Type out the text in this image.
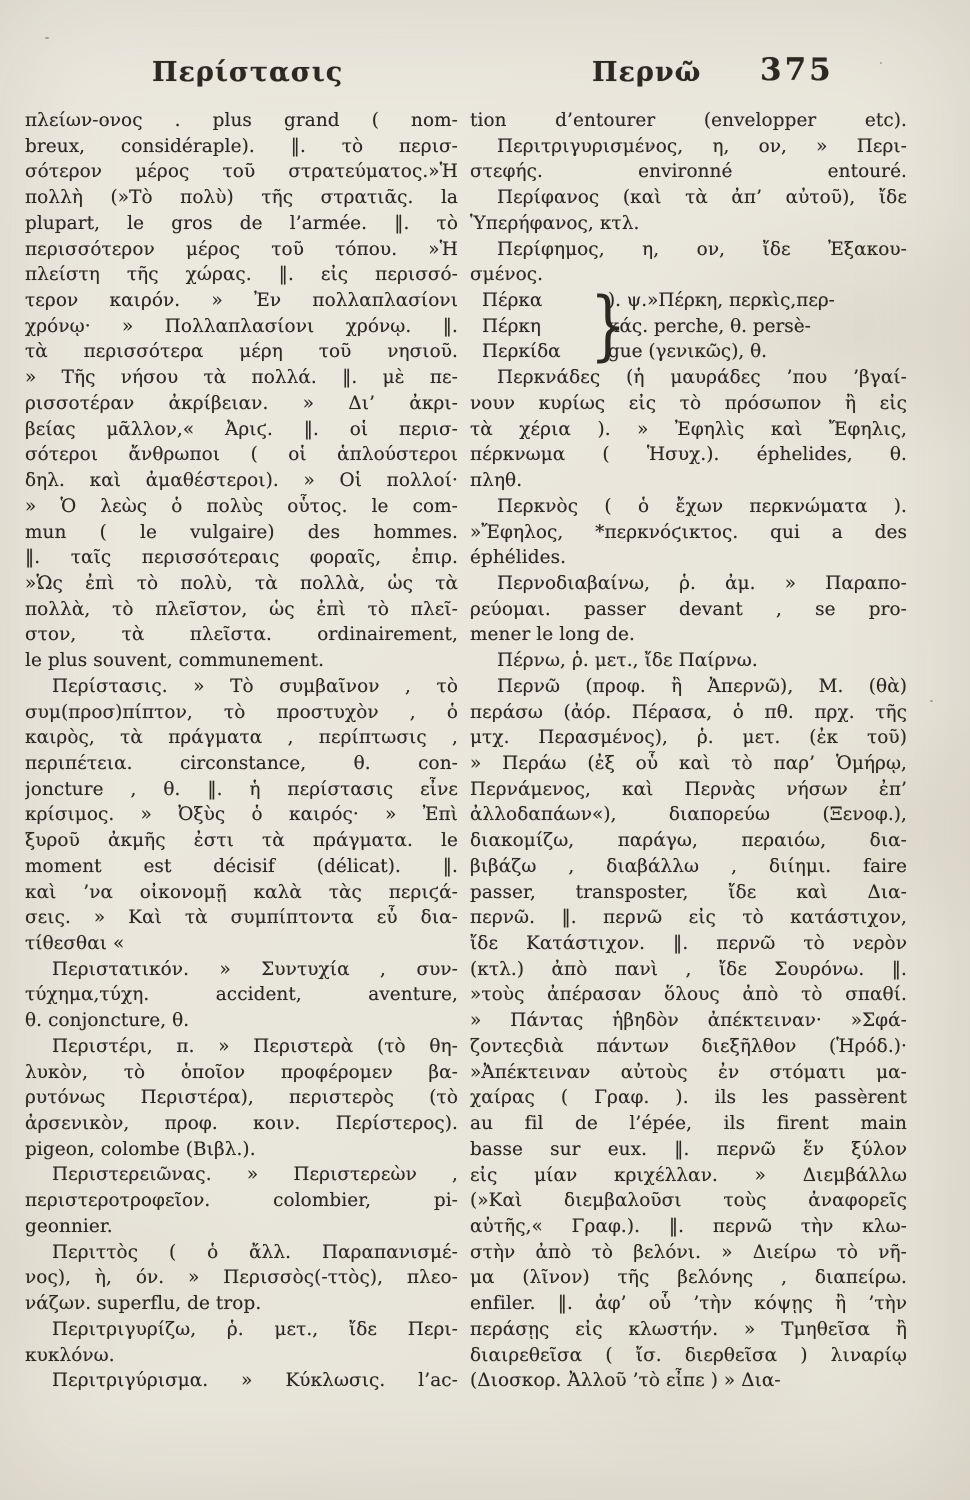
Περίστασις	Περνῶ 375
πλείων-ονος . plus grand ( nom-
breux, considéraple). ‖. τὸ περισ-
σότερον μέρος τοῦ στρατεύματος.»Ἡ
πολλὴ (»Τὸ πολὺ) τῆς στρατιᾶς. la
plupart, le gros de l’armée. ‖. τὸ
περισσότερον μέρος τοῦ τόπου. »Ἡ
πλείστη τῆς χώρας. ‖. εἰς περισσό-
τερον καιρόν. » Ἐν πολλαπλασίονι
χρόνῳ· » Πολλαπλασίονι χρόνῳ. ‖.
τὰ περισσότερα μέρη τοῦ νησιοῦ.
» Τῆς νήσου τὰ πολλά. ‖. μὲ πε-
ρισσοτέραν ἀκρίβειαν. » Δι’ ἀκρι-
βείας μᾶλλον,« Ἀριϛ. ‖. οἱ περισ-
σότεροι ἄνθρωποι ( οἱ ἁπλούστεροι
δηλ. καὶ ἀμαθέστεροι). » Οἱ πολλοί·
» Ὁ λεὼς ὁ πολὺς οὗτος. le com-
mun ( le vulgaire) des hommes.
‖. ταῖς περισσότεραις φοραῖς, ἐπιρ.
»Ὡς ἐπὶ τὸ πολὺ, τὰ πολλὰ, ὡς τὰ
πολλὰ, τὸ πλεῖστον, ὡς ἐπὶ τὸ πλεῖ-
στον, τὰ πλεῖστα. ordinairement,
le plus souvent, communement.
Περίστασις. » Τὸ συμβαῖνον , τὸ
συμ(προσ)πίπτον, τὸ προστυχὸν , ὁ
καιρὸς, τὰ πράγματα , περίπτωσις ,
περιπέτεια. circonstance, θ. con-
joncture , θ. ‖. ἡ περίστασις εἶνε
κρίσιμος. » Ὀξὺς ὁ καιρός· » Ἐπὶ
ξυροῦ ἀκμῆς ἐστι τὰ πράγματα. le
moment est décisif (délicat). ‖.
καὶ ’να οἰκονομῇ καλὰ τὰς περιϛά-
σεις. » Καὶ τὰ συμπίπτοντα εὖ δια-
τίθεσθαι «
Περιστατικόν. » Συντυχία , συν-
τύχημα,τύχη. accident, aventure,
θ. conjoncture, θ.
Περιστέρι, π. » Περιστερὰ (τὸ θη-
λυκὸν, τὸ ὁποῖον προφέρομεν βα-
ρυτόνως Περιστέρα), περιστερὸς (τὸ
ἀρσενικὸν, προφ. κοιν. Περίστερος).
pigeon, colombe (Βιβλ.).
Περιστερειῶνας. » Περιστερεὼν ,
περιστεροτροφεῖον. colombier, pi-
geonnier.
Περιττὸς ( ὁ ἄλλ. Παραπανισμέ-
νος), ὴ, όν. » Περισσὸς(-ττὸς), πλεο-
νάζων. superflu, de trop.
Περιτριγυρίζω, ῥ. μετ., ἴδε Περι-
κυκλόνω.
Περιτριγύρισμα. » Κύκλωσις. l’ac-
tion d’entourer (envelopper etc).
Περιτριγυρισμένος, η, ον, » Περι-
στεφής. environné entouré.
Περίφανος (καὶ τὰ ἀπ’ αὐτοῦ), ἴδε
Ὑπερήφανος, κτλ.
Περίφημος, η, ον, ἴδε Ἐξακου-
σμένος.
Πέρκα
Πέρκη
Περκίδα }
). ψ.»Πέρκη, περκὶς,περ-
κάς. perche, θ. persè-
gue (γενικῶς), θ.
Περκνάδες (ἡ μαυράδες ’που ’βγαί-
νουν κυρίως εἰς τὸ πρόσωπον ἢ εἰς
τὰ χέρια ). » Ἐφηλὶς καὶ Ἔφηλις,
πέρκνωμα ( Ἡσυχ.). éphelides, θ.
πληθ.
Περκνὸς ( ὁ ἔχων περκνώματα ).
»Ἔφηλος, *περκνόϛικτος. qui a des
éphélides.
Περνοδιαβαίνω, ῥ. ἀμ. » Παραπο-
ρεύομαι. passer devant , se pro-
mener le long de.
Πέρνω, ῥ. μετ., ἴδε Παίρνω.
Περνῶ (προφ. ἢ Ἀπερνῶ), Μ. (θὰ)
περάσω (ἀόρ. Πέρασα, ὁ πθ. πρχ. τῆς
μτχ. Περασμένος), ῥ. μετ. (ἐκ τοῦ)
» Περάω (ἐξ οὗ καὶ τὸ παρ’ Ὁμήρῳ,
Περνάμενος, καὶ Περνὰς νήσων ἐπ’
ἀλλοδαπάων«), διαπορεύω (Ξενοφ.),
διακομίζω, παράγω, περαιόω, δια-
βιβάζω , διαβάλλω , διίημι. faire
passer, transposter, ἴδε καὶ Δια-
περνῶ. ‖. περνῶ εἰς τὸ κατάστιχον,
ἴδε Κατάστιχον. ‖. περνῶ τὸ νερὸν
(κτλ.) ἀπὸ πανὶ , ἴδε Σουρόνω. ‖.
»τοὺς ἀπέρασαν ὅλους ἀπὸ τὸ σπαθί.
» Πάντας ἡβηδὸν ἀπέκτειναν· »Σφά-
ζοντεςδιὰ πάντων διεξῆλθον (Ἡρόδ.)·
»Ἀπέκτειναν αὐτοὺς ἐν στόματι μα-
χαίρας ( Γραφ. ). ils les passèrent
au fil de l’épée, ils firent main
basse sur eux. ‖. περνῶ ἕν ξύλον
εἰς μίαν κριχέλλαν. » Διεμβάλλω
(»Καὶ διεμβαλοῦσι τοὺς ἀναφορεῖς
αὐτῆς,« Γραφ.). ‖. περνῶ τὴν κλω-
στὴν ἀπὸ τὸ βελόνι. » Διείρω τὸ νῆ-
μα (λῖνον) τῆς βελόνης , διαπείρω.
enfiler. ‖. ἀφ’ οὗ ’τὴν κόψῃς ἢ ’τὴν
περάσῃς εἰς κλωστήν. » Τμηθεῖσα ἢ
διαιρεθεῖσα ( ἴσ. διερθεῖσα ) λιναρίῳ
(Διοσκορ. Ἀλλοῦ ’τὸ εἶπε ) » Δια-
